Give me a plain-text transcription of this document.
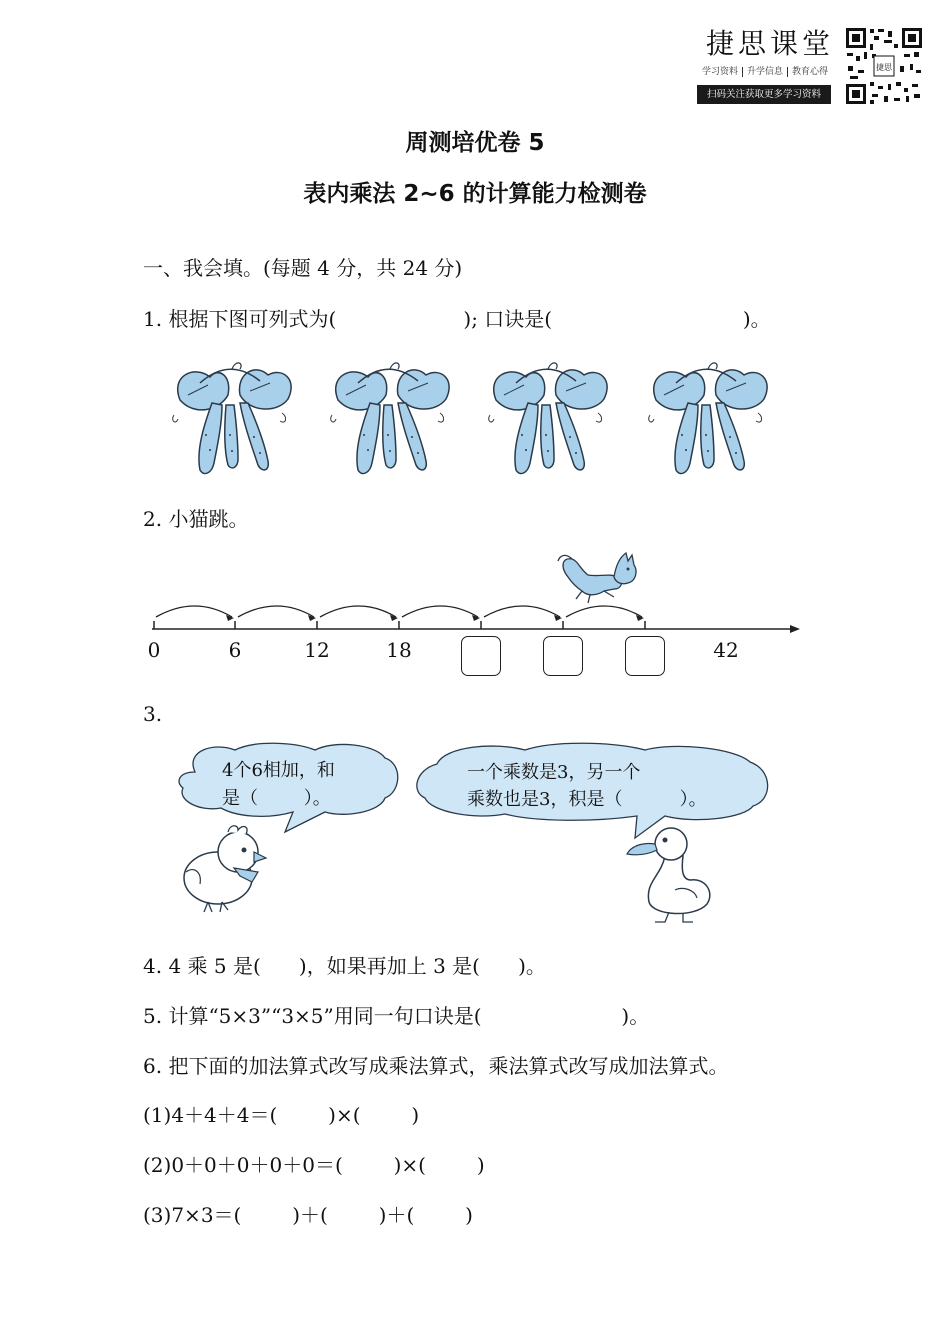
捷思课堂
学习资料 升学信息 教育心得
扫码关注获取更多学习资料
捷思
周测培优卷 5
表内乘法 2~6 的计算能力检测卷
一、我会填。(每题 4 分，共 24 分)
1. 根据下图可列式为(                    ); 口诀是(                              )。
2. 小猫跳。
0	6	12	18	42
3.
4个6相加，和
是（        ）。
一个乘数是3，另一个
乘数也是3，积是（          ）。
4. 4 乘 5 是(      )，如果再加上 3 是(      )。
5. 计算“5×3”“3×5”用同一句口诀是(                      )。
6. 把下面的加法算式改写成乘法算式，乘法算式改写成加法算式。
(1)4＋4＋4＝(        )×(        )
(2)0＋0＋0＋0＋0＝(        )×(        )
(3)7×3＝(        )＋(        )＋(        )
